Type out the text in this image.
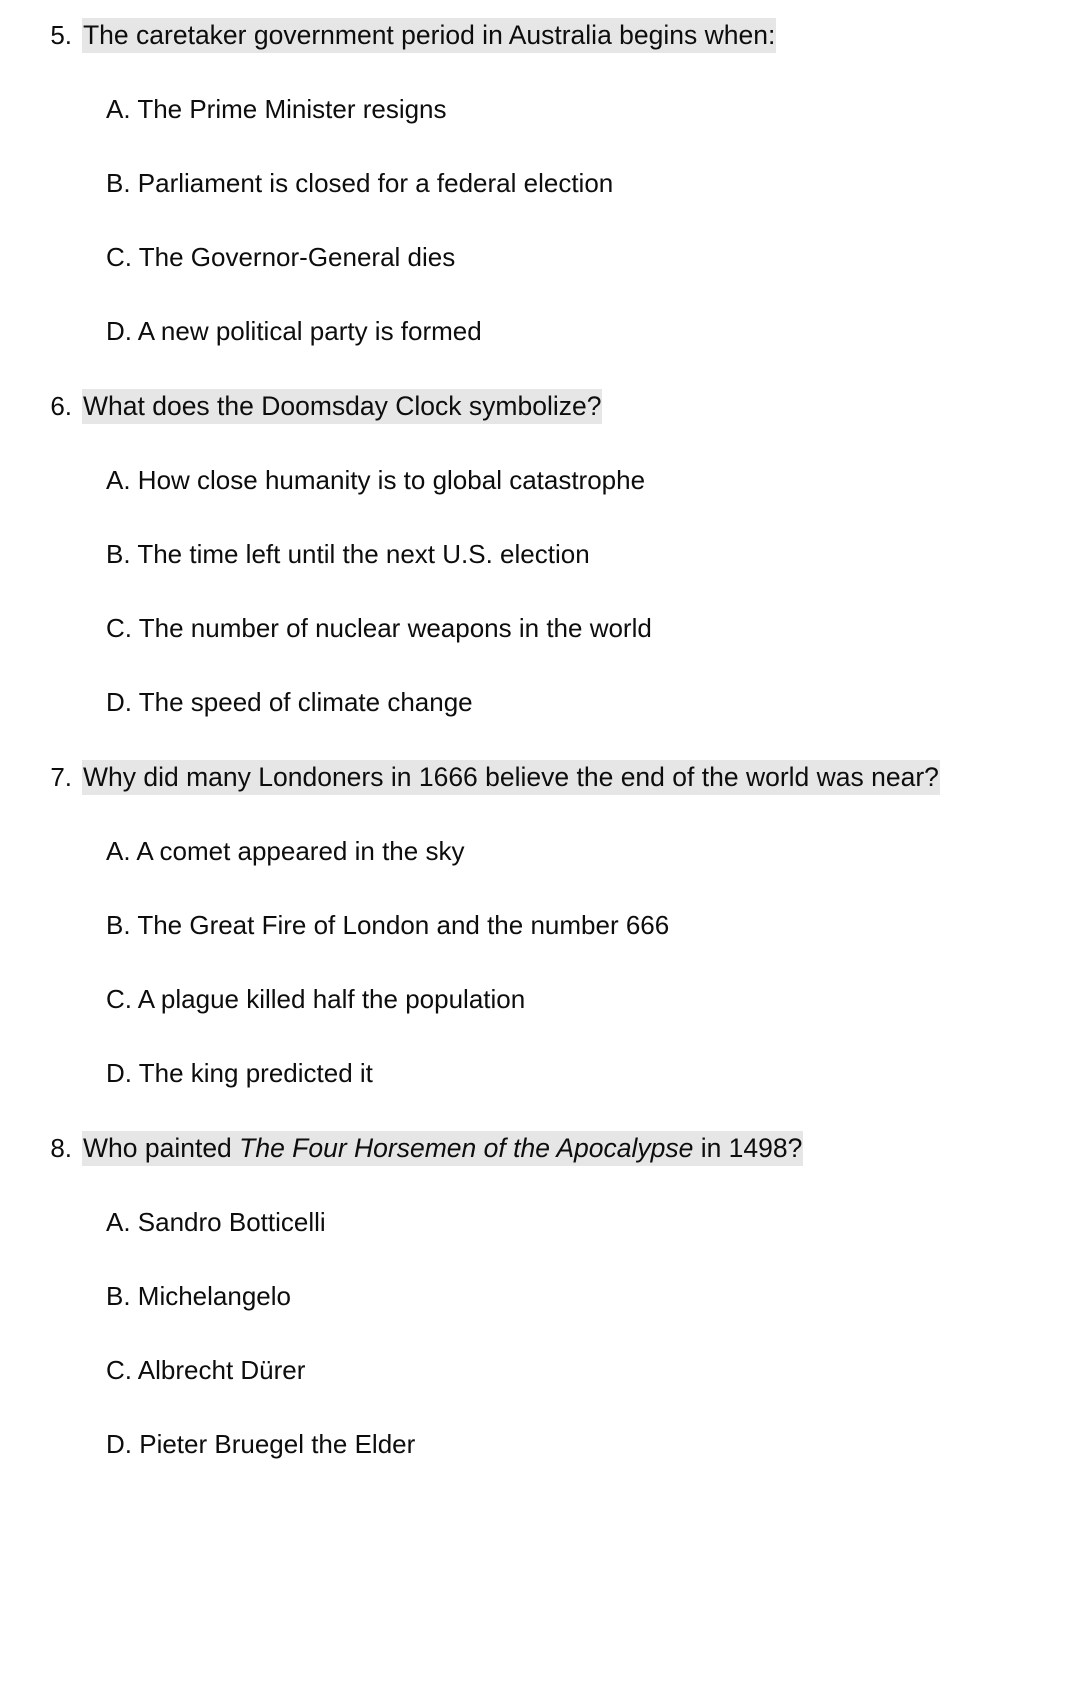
5. The caretaker government period in Australia begins when:
A. The Prime Minister resigns
B. Parliament is closed for a federal election
C. The Governor-General dies
D. A new political party is formed
6. What does the Doomsday Clock symbolize?
A. How close humanity is to global catastrophe
B. The time left until the next U.S. election
C. The number of nuclear weapons in the world
D. The speed of climate change
7. Why did many Londoners in 1666 believe the end of the world was near?
A. A comet appeared in the sky
B. The Great Fire of London and the number 666
C. A plague killed half the population
D. The king predicted it
8. Who painted The Four Horsemen of the Apocalypse in 1498?
A. Sandro Botticelli
B. Michelangelo
C. Albrecht Dürer
D. Pieter Bruegel the Elder
